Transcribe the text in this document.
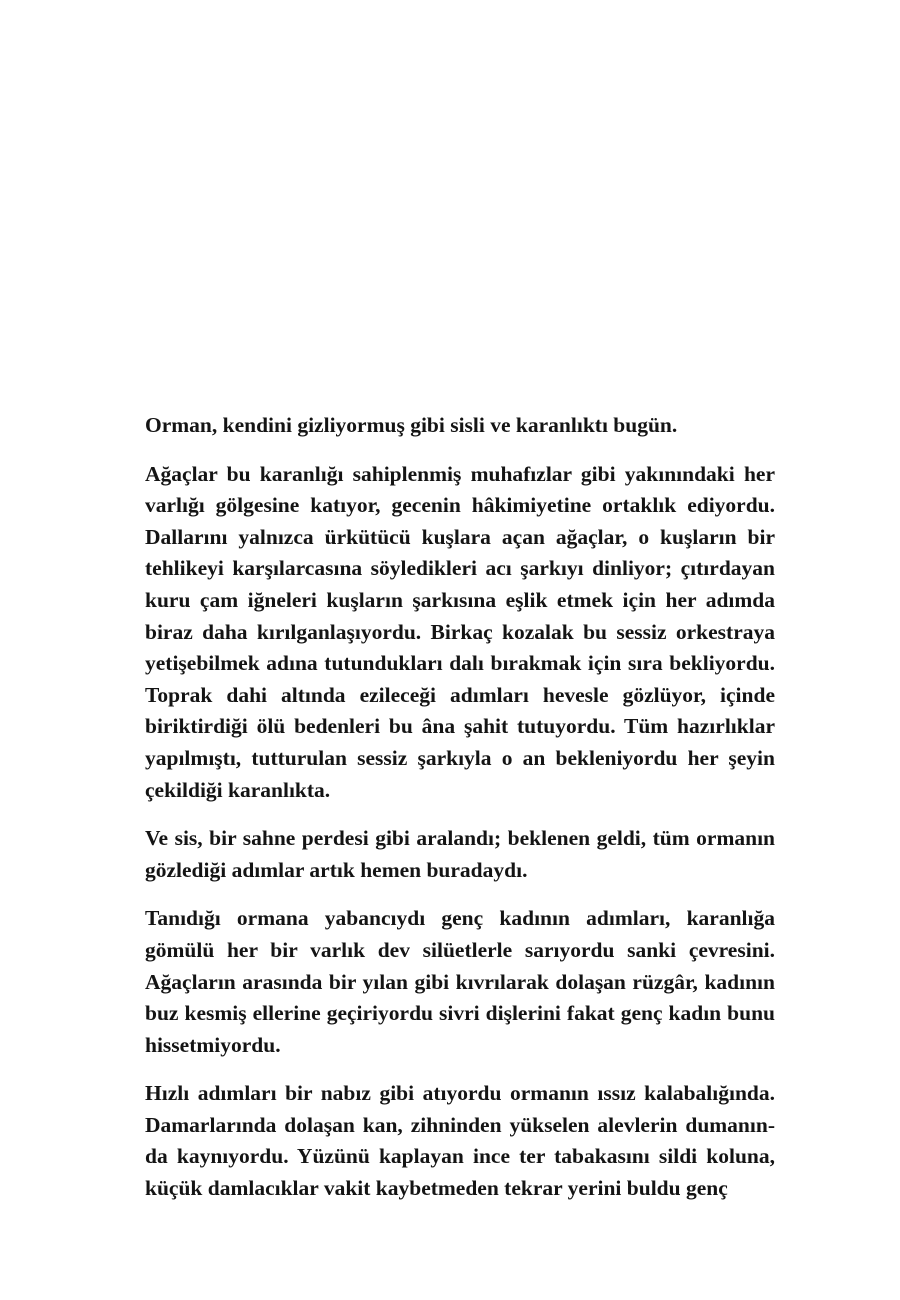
Orman, kendini gizliyormuş gibi sisli ve karanlıktı bugün.

Ağaçlar bu karanlığı sahiplenmiş muhafızlar gibi yakınındaki her varlığı gölgesine katıyor, gecenin hâkimiyetine ortaklık ediyordu. Dallarını yalnızca ürkütücü kuşlara açan ağaçlar, o kuşların bir tehlikeyi karşılarcasına söyledikleri acı şarkıyı dinliyor; çıtırdayan kuru çam iğneleri kuşların şarkısına eşlik etmek için her adımda biraz daha kırılganlaşıyordu. Birkaç kozalak bu sessiz orkestraya yetişebilmek adına tutundukları dalı bırakmak için sıra bekliyordu. Toprak dahi altında ezileceği adımları hevesle gözlüyor, içinde biriktirdiği ölü bedenleri bu âna şahit tutuyordu. Tüm hazırlıklar yapılmıştı, tutturulan sessiz şarkıyla o an bekleniyordu her şeyin çekildiği karanlıkta.

Ve sis, bir sahne perdesi gibi aralandı; beklenen geldi, tüm ormanın gözlediği adımlar artık hemen buradaydı.

Tanıdığı ormana yabancıydı genç kadının adımları, karanlığa gömülü her bir varlık dev silüetlerle sarıyordu sanki çevresini. Ağaçların arasında bir yılan gibi kıvrılarak dolaşan rüzgâr, kadının buz kesmiş ellerine geçiriyordu sivri dişlerini fakat genç kadın bunu hissetmiyordu.

Hızlı adımları bir nabız gibi atıyordu ormanın ıssız kalabalığında. Damarlarında dolaşan kan, zihninden yükselen alevlerin dumanında kaynıyordu. Yüzünü kaplayan ince ter tabakasını sildi koluna, küçük damlacıklar vakit kaybetmeden tekrar yerini buldu genç
